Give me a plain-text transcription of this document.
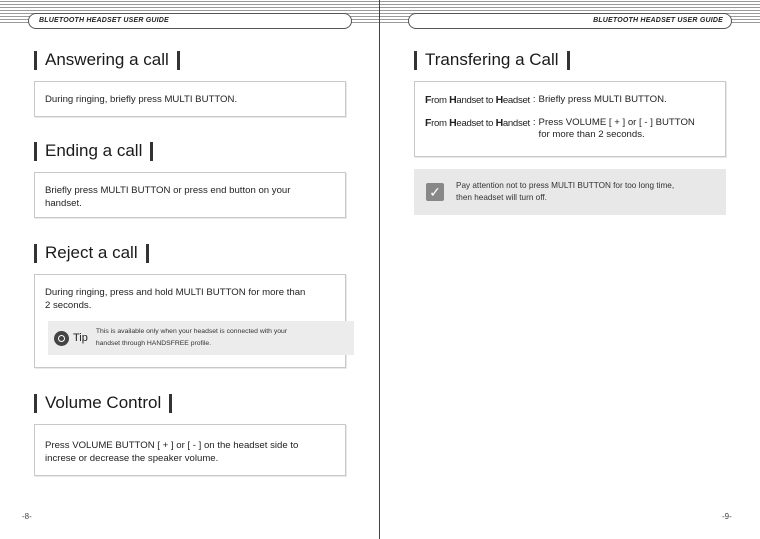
BLUETOOTH HEADSET USER GUIDE
Answering a call
During ringing, briefly press MULTI BUTTON.
Ending a call
Briefly press MULTI BUTTON or press end button on your
handset.
Reject a call
During ringing, press and hold MULTI BUTTON for more than
2 seconds.
Tip This is available only when your headset is connected with your
handset through HANDSFREE profile.
Volume Control
Press VOLUME BUTTON [ + ] or [ - ] on the headset side to
increse or decrease the speaker volume.
-8-
BLUETOOTH HEADSET USER GUIDE
Transfering a Call
From Handset to Headset : Briefly press MULTI BUTTON.
From Headset to Handset : Press VOLUME [ + ] or [ - ] BUTTON
for more than 2 seconds.
✓	Pay attention not to press MULTI BUTTON for too long time,
then headset will turn off.
-9-
